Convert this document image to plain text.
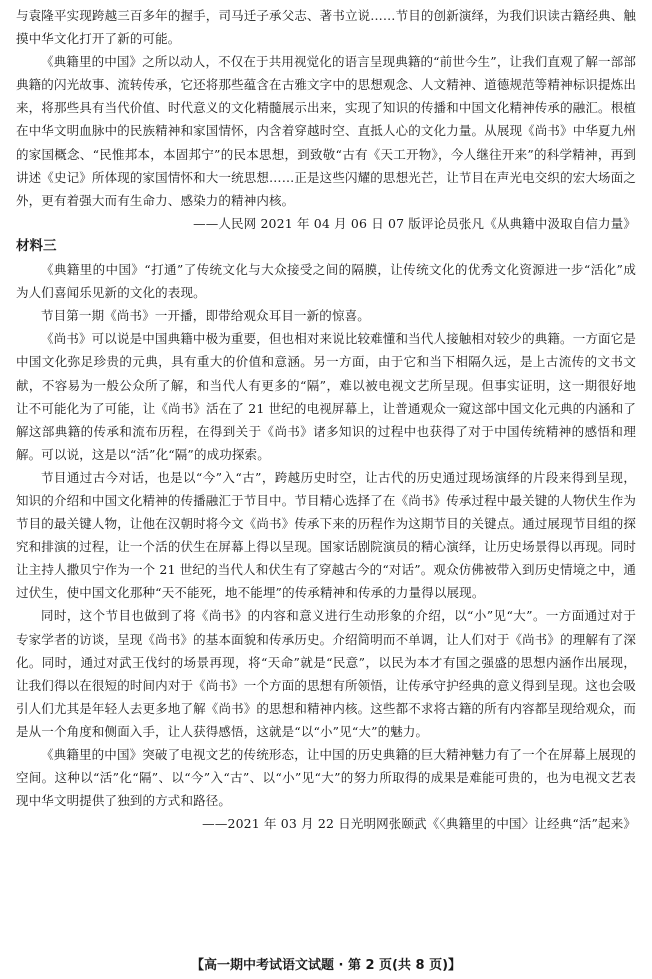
与袁隆平实现跨越三百多年的握手，司马迁子承父志、著书立说……节目的创新演绎，为我们识读古籍经典、触摸中华文化打开了新的可能。

《典籍里的中国》之所以动人，不仅在于共用视觉化的语言呈现典籍的“前世今生”，让我们直观了解一部部典籍的闪光故事、流转传承，它还将那些蕴含在古雅文字中的思想观念、人文精神、道德规范等精神标识提炼出来，将那些具有当代价值、时代意义的文化精髓展示出来，实现了知识的传播和中国文化精神传承的融汇。根植在中华文明血脉中的民族精神和家国情怀，内含着穿越时空、直抵人心的文化力量。从展现《尚书》中华夏九州的家国概念、“民惟邦本，本固邦宁”的民本思想，到致敬“古有《天工开物》，今人继往开来”的科学精神，再到讲述《史记》所体现的家国情怀和大一统思想……正是这些闪耀的思想光芒，让节目在声光电交织的宏大场面之外，更有着强大而有生命力、感染力的精神内核。

——人民网 2021 年 04 月 06 日 07 版评论员张凡《从典籍中汲取自信力量》

材料三

《典籍里的中国》“打通”了传统文化与大众接受之间的隔膜，让传统文化的优秀文化资源进一步“活化”成为人们喜闻乐见新的文化的表现。

节目第一期《尚书》一开播，即带给观众耳目一新的惊喜。

《尚书》可以说是中国典籍中极为重要，但也相对来说比较难懂和当代人接触相对较少的典籍。一方面它是中国文化弥足珍贵的元典，具有重大的价值和意涵。另一方面，由于它和当下相隔久远，是上古流传的文书文献，不容易为一般公众所了解，和当代人有更多的“隔”，难以被电视文艺所呈现。但事实证明，这一期很好地让不可能化为了可能，让《尚书》活在了 21 世纪的电视屏幕上，让普通观众一窥这部中国文化元典的内涵和了解这部典籍的传承和流布历程，在得到关于《尚书》诸多知识的过程中也获得了对于中国传统精神的感悟和理解。可以说，这是以“活”化“隔”的成功探索。

节目通过古今对话，也是以“今”入“古”，跨越历史时空，让古代的历史通过现场演绎的片段来得到呈现，知识的介绍和中国文化精神的传播融汇于节目中。节目精心选择了在《尚书》传承过程中最关键的人物伏生作为节目的最关键人物，让他在汉朝时将今文《尚书》传承下来的历程作为这期节目的关键点。通过展现节目组的探究和排演的过程，让一个活的伏生在屏幕上得以呈现。国家话剧院演员的精心演绎，让历史场景得以再现。同时让主持人撒贝宁作为一个 21 世纪的当代人和伏生有了穿越古今的“对话”。观众仿佛被带入到历史情境之中，通过伏生，使中国文化那种“天不能死，地不能埋”的传承精神和传承的力量得以展现。

同时，这个节目也做到了将《尚书》的内容和意义进行生动形象的介绍，以“小”见“大”。一方面通过对于专家学者的访谈，呈现《尚书》的基本面貌和传承历史。介绍简明而不单调，让人们对于《尚书》的理解有了深化。同时，通过对武王伐纣的场景再现，将“天命”就是“民意”，以民为本才有国之强盛的思想内涵作出展现，让我们得以在很短的时间内对于《尚书》一个方面的思想有所领悟，让传承守护经典的意义得到呈现。这也会吸引人们尤其是年轻人去更多地了解《尚书》的思想和精神内核。这些都不求将古籍的所有内容都呈现给观众，而是从一个角度和侧面入手，让人获得感悟，这就是“以“小”见“大”的魅力。

《典籍里的中国》突破了电视文艺的传统形态，让中国的历史典籍的巨大精神魅力有了一个在屏幕上展现的空间。这种以“活”化“隔”、以“今”入“古”、以“小”见“大”的努力所取得的成果是难能可贵的，也为电视文艺表现中华文明提供了独到的方式和路径。

——2021 年 03 月 22 日光明网张颐武《〈典籍里的中国〉让经典“活”起来》

【高一期中考试语文试题 · 第 2 页(共 8 页)】
